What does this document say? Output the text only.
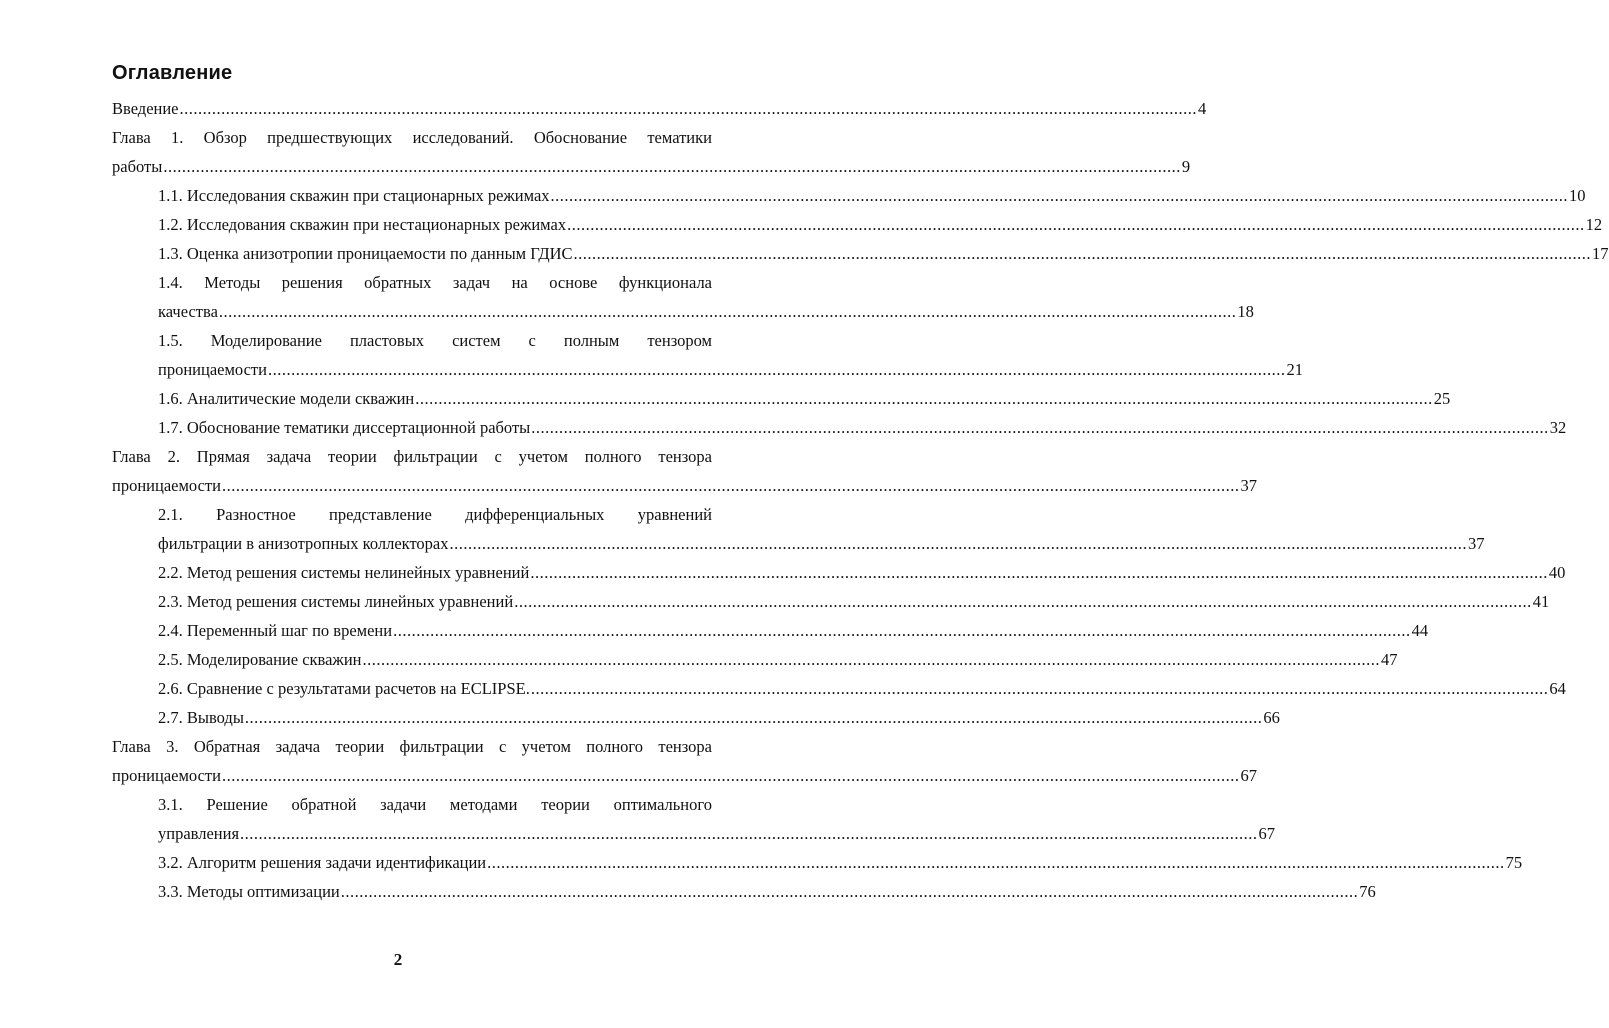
Оглавление
Введение ............................................................................................................................................................................................................................ 4
Глава 1. Обзор предшествующих исследований. Обоснование тематики
работы ............................................................................................................................................................................................................................ 9
1.1. Исследования скважин при стационарных режимах ............................................................................................................................................................................................................................ 10
1.2. Исследования скважин при нестационарных режимах ............................................................................................................................................................................................................................ 12
1.3. Оценка анизотропии проницаемости по данным ГДИС ............................................................................................................................................................................................................................ 17
1.4. Методы решения обратных задач на основе функционала
качества ............................................................................................................................................................................................................................ 18
1.5. Моделирование пластовых систем с полным тензором
проницаемости ............................................................................................................................................................................................................................ 21
1.6. Аналитические модели скважин ............................................................................................................................................................................................................................ 25
1.7. Обоснование тематики диссертационной работы ............................................................................................................................................................................................................................ 32
Глава 2. Прямая задача теории фильтрации с учетом полного тензора
проницаемости ............................................................................................................................................................................................................................ 37
2.1. Разностное представление дифференциальных уравнений
фильтрации в анизотропных коллекторах ............................................................................................................................................................................................................................ 37
2.2. Метод решения системы нелинейных уравнений ............................................................................................................................................................................................................................ 40
2.3. Метод решения системы линейных уравнений ............................................................................................................................................................................................................................ 41
2.4. Переменный шаг по времени ............................................................................................................................................................................................................................ 44
2.5. Моделирование скважин ............................................................................................................................................................................................................................ 47
2.6. Сравнение с результатами расчетов на ECLIPSE. ............................................................................................................................................................................................................................ 64
2.7. Выводы ............................................................................................................................................................................................................................ 66
Глава 3. Обратная задача теории фильтрации с учетом полного тензора
проницаемости ............................................................................................................................................................................................................................ 67
3.1. Решение обратной задачи методами теории оптимального
управления ............................................................................................................................................................................................................................ 67
3.2. Алгоритм решения задачи идентификации ............................................................................................................................................................................................................................ 75
3.3. Методы оптимизации ............................................................................................................................................................................................................................ 76
2
